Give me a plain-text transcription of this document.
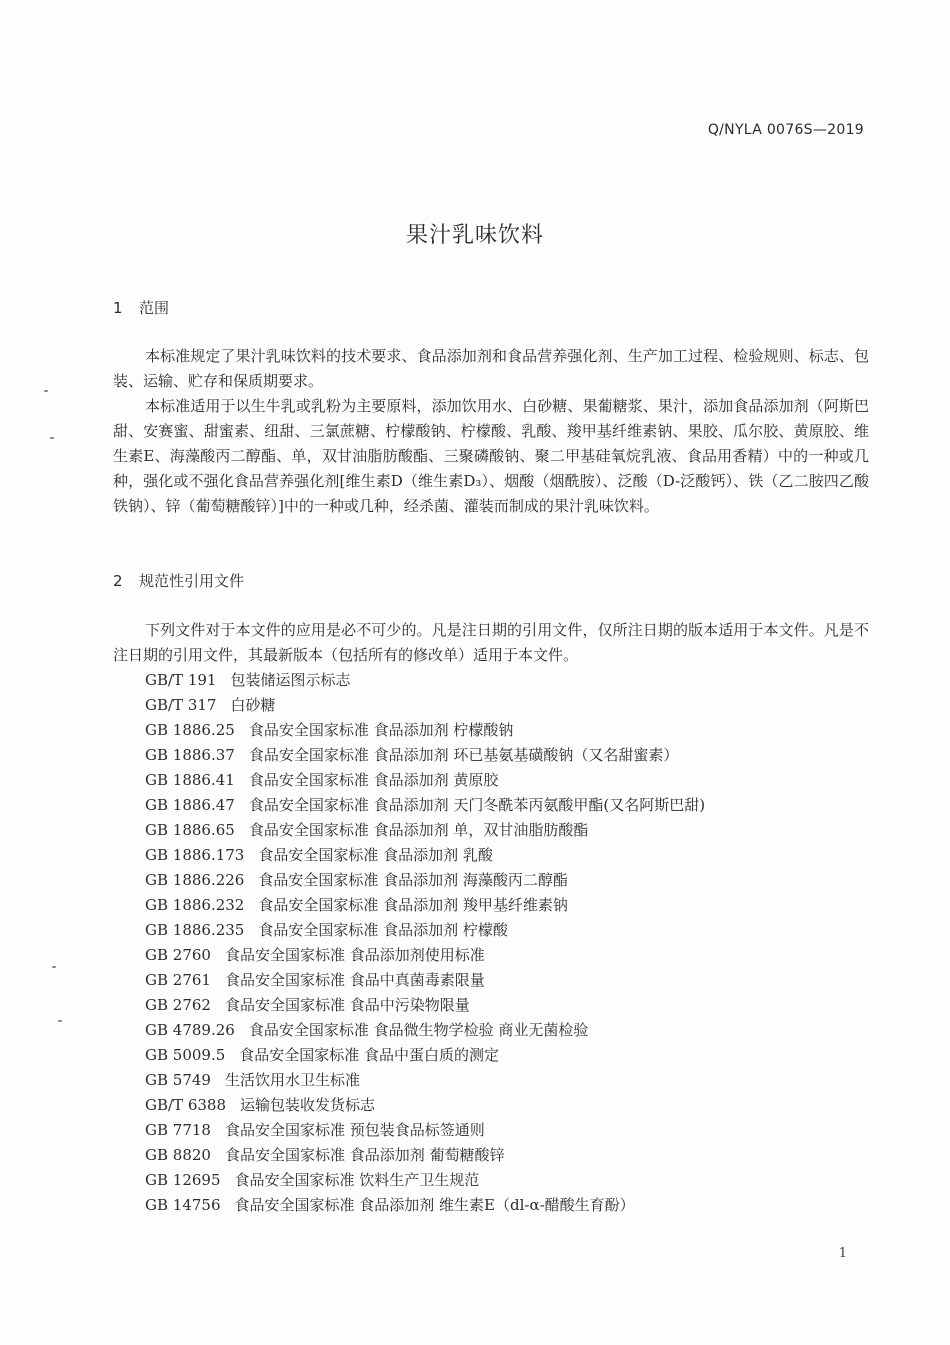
Q/NYLA 0076S—2019
果汁乳味饮料
1 范围

本标准规定了果汁乳味饮料的技术要求、食品添加剂和食品营养强化剂、生产加工过程、检验规则、标志、包装、运输、贮存和保质期要求。

本标准适用于以生牛乳或乳粉为主要原料，添加饮用水、白砂糖、果葡糖浆、果汁，添加食品添加剂（阿斯巴甜、安赛蜜、甜蜜素、纽甜、三氯蔗糖、柠檬酸钠、柠檬酸、乳酸、羧甲基纤维素钠、果胶、瓜尔胶、黄原胶、维生素E、海藻酸丙二醇酯、单，双甘油脂肪酸酯、三聚磷酸钠、聚二甲基硅氧烷乳液、食品用香精）中的一种或几种，强化或不强化食品营养强化剂[维生素D（维生素D₃）、烟酸（烟酰胺）、泛酸（D-泛酸钙）、铁（乙二胺四乙酸铁钠）、锌（葡萄糖酸锌）]中的一种或几种，经杀菌、灌装而制成的果汁乳味饮料。

2 规范性引用文件

下列文件对于本文件的应用是必不可少的。凡是注日期的引用文件，仅所注日期的版本适用于本文件。凡是不注日期的引用文件，其最新版本（包括所有的修改单）适用于本文件。

GB/T 191 包装储运图示标志
GB/T 317 白砂糖
GB 1886.25 食品安全国家标准 食品添加剂 柠檬酸钠
GB 1886.37 食品安全国家标准 食品添加剂 环已基氨基磺酸钠（又名甜蜜素）
GB 1886.41 食品安全国家标准 食品添加剂 黄原胶
GB 1886.47 食品安全国家标准 食品添加剂 天门冬酰苯丙氨酸甲酯(又名阿斯巴甜)
GB 1886.65 食品安全国家标准 食品添加剂 单，双甘油脂肪酸酯
GB 1886.173 食品安全国家标准 食品添加剂 乳酸
GB 1886.226 食品安全国家标准 食品添加剂 海藻酸丙二醇酯
GB 1886.232 食品安全国家标准 食品添加剂 羧甲基纤维素钠
GB 1886.235 食品安全国家标准 食品添加剂 柠檬酸
GB 2760 食品安全国家标准 食品添加剂使用标准
GB 2761 食品安全国家标准 食品中真菌毒素限量
GB 2762 食品安全国家标准 食品中污染物限量
GB 4789.26 食品安全国家标准 食品微生物学检验 商业无菌检验
GB 5009.5 食品安全国家标准 食品中蛋白质的测定
GB 5749 生活饮用水卫生标准
GB/T 6388 运输包装收发货标志
GB 7718 食品安全国家标准 预包装食品标签通则
GB 8820 食品安全国家标准 食品添加剂 葡萄糖酸锌
GB 12695 食品安全国家标准 饮料生产卫生规范
GB 14756 食品安全国家标准 食品添加剂 维生素E（dl-α-醋酸生育酚）
1
